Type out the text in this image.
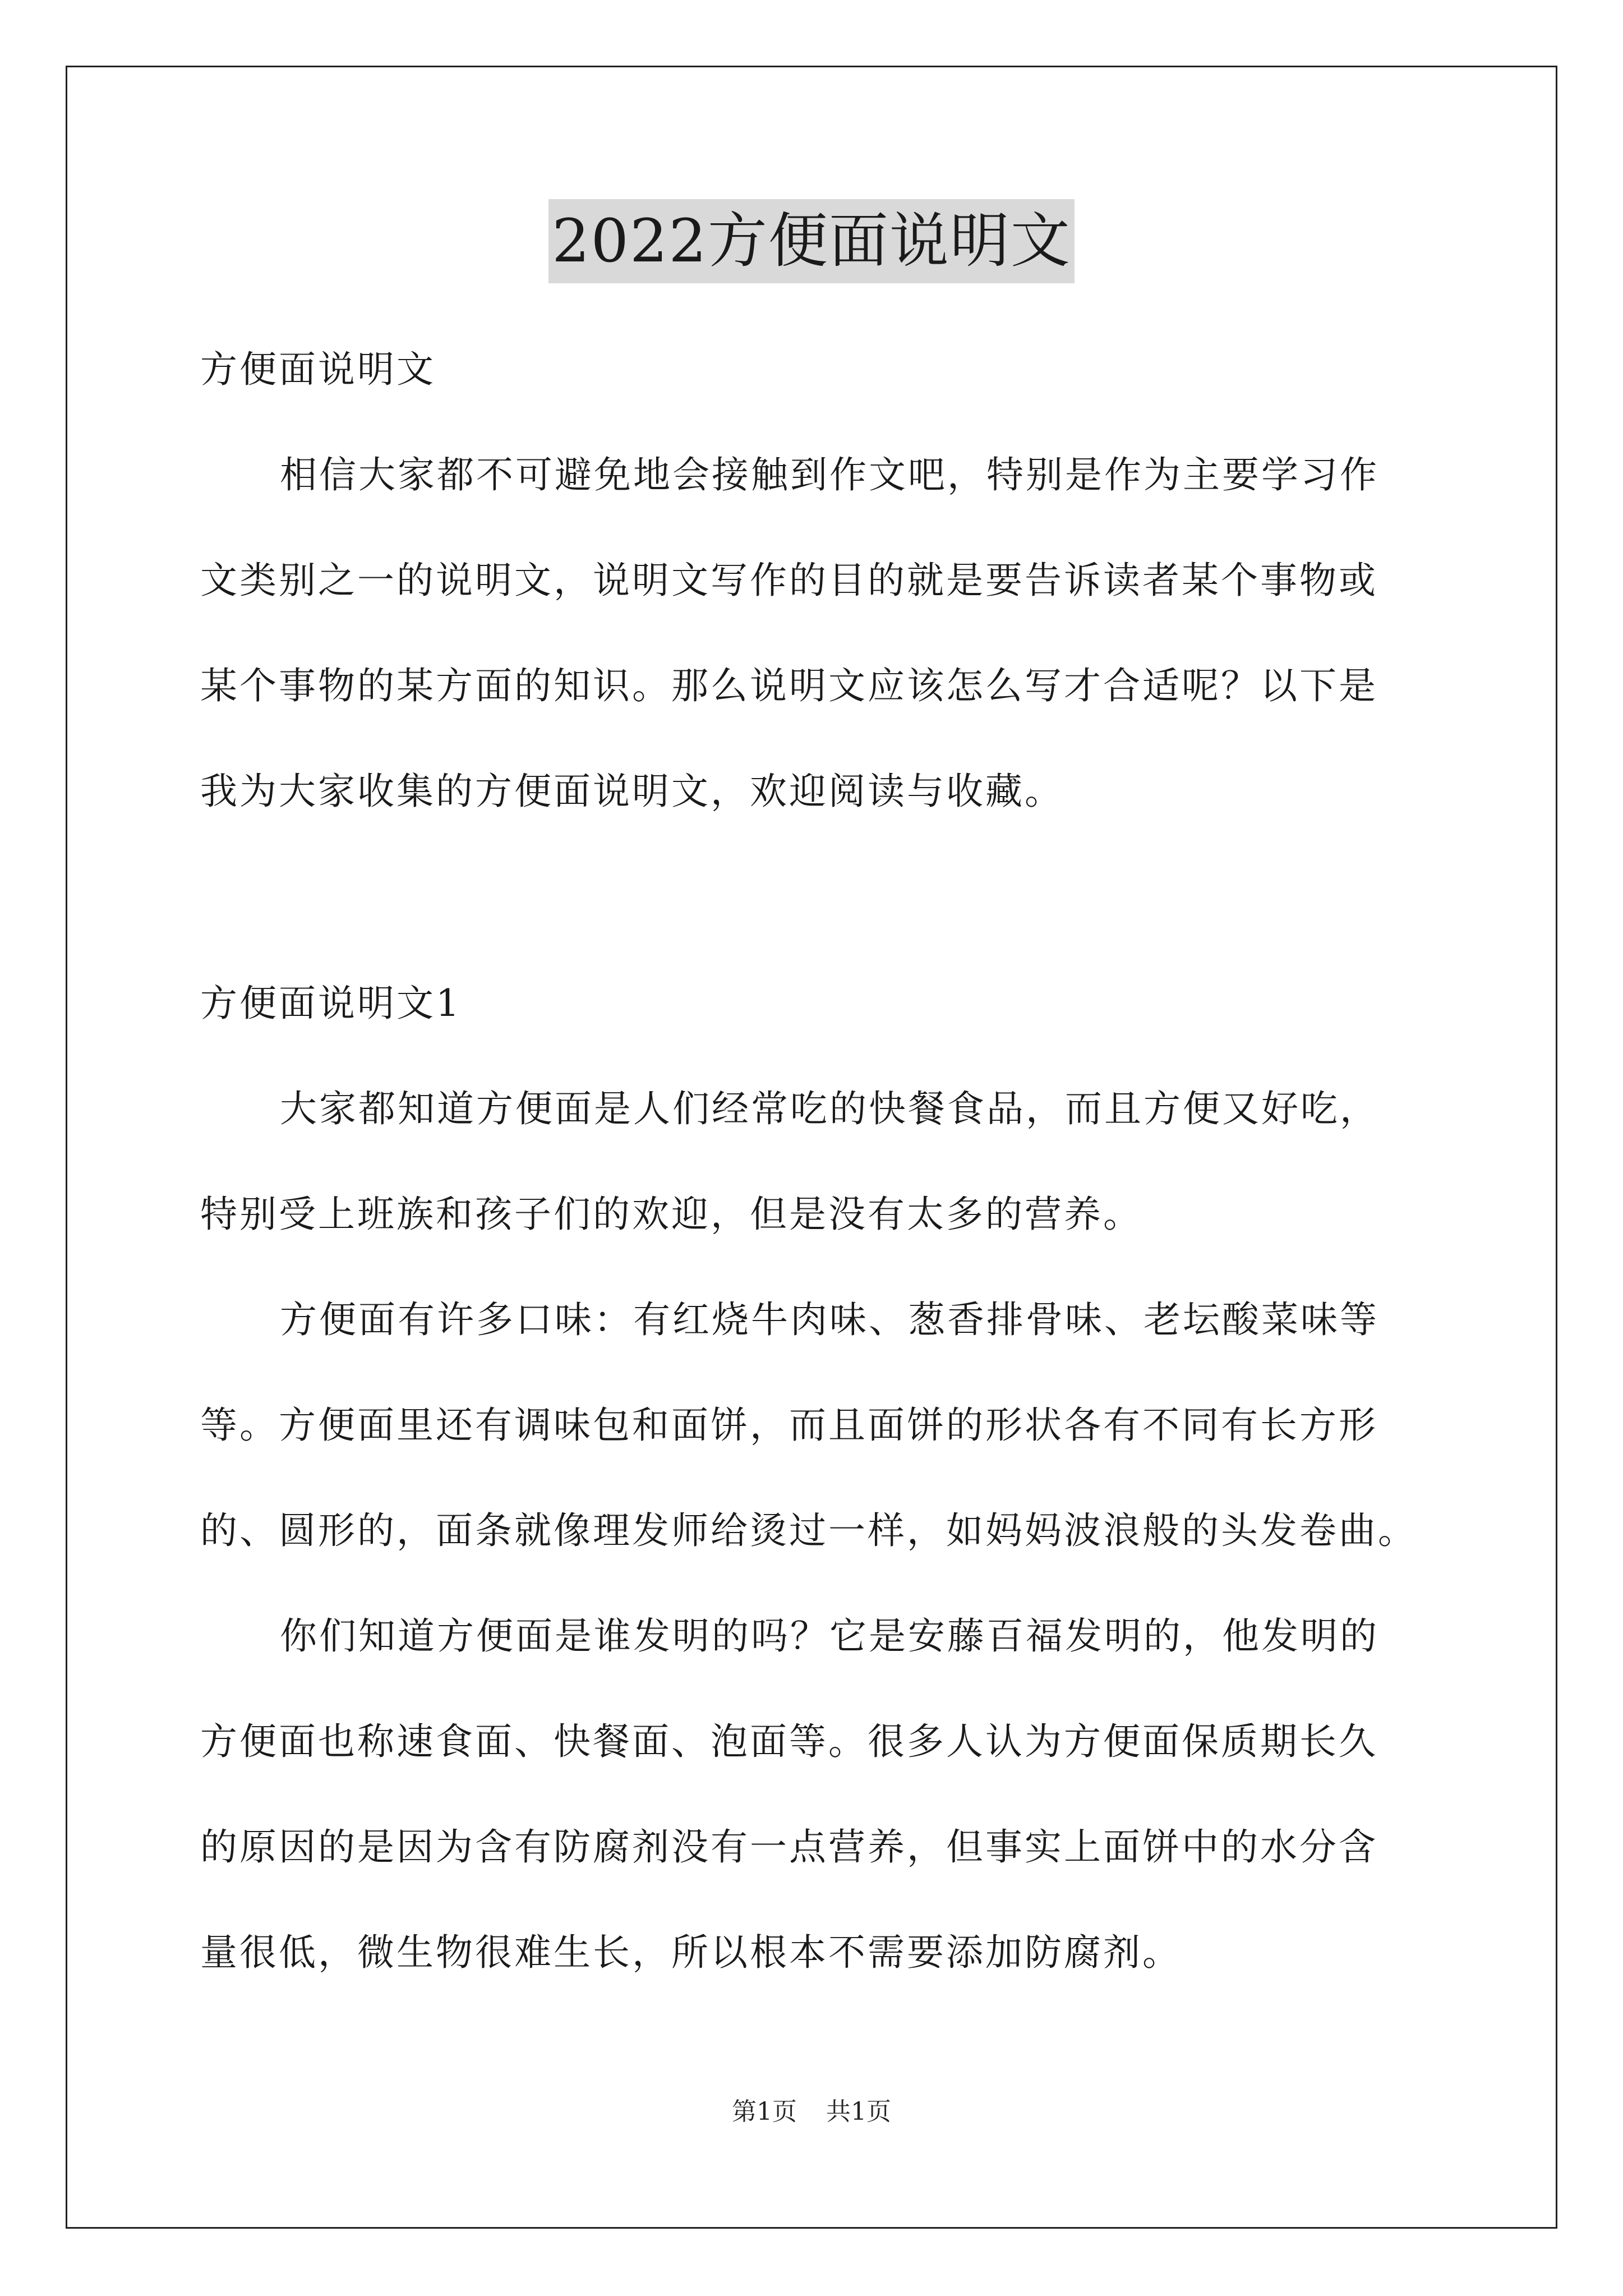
2022方便面说明文
方便面说明文
相信大家都不可避免地会接触到作文吧，特别是作为主要学习作
文类别之一的说明文，说明文写作的目的就是要告诉读者某个事物或
某个事物的某方面的知识。那么说明文应该怎么写才合适呢？以下是
我为大家收集的方便面说明文，欢迎阅读与收藏。
方便面说明文1
大家都知道方便面是人们经常吃的快餐食品，而且方便又好吃，
特别受上班族和孩子们的欢迎，但是没有太多的营养。
方便面有许多口味：有红烧牛肉味、葱香排骨味、老坛酸菜味等
等。方便面里还有调味包和面饼，而且面饼的形状各有不同有长方形
的、圆形的，面条就像理发师给烫过一样，如妈妈波浪般的头发卷曲。
你们知道方便面是谁发明的吗？它是安藤百福发明的，他发明的
方便面也称速食面、快餐面、泡面等。很多人认为方便面保质期长久
的原因的是因为含有防腐剂没有一点营养，但事实上面饼中的水分含
量很低，微生物很难生长，所以根本不需要添加防腐剂。
第1页 共1页
